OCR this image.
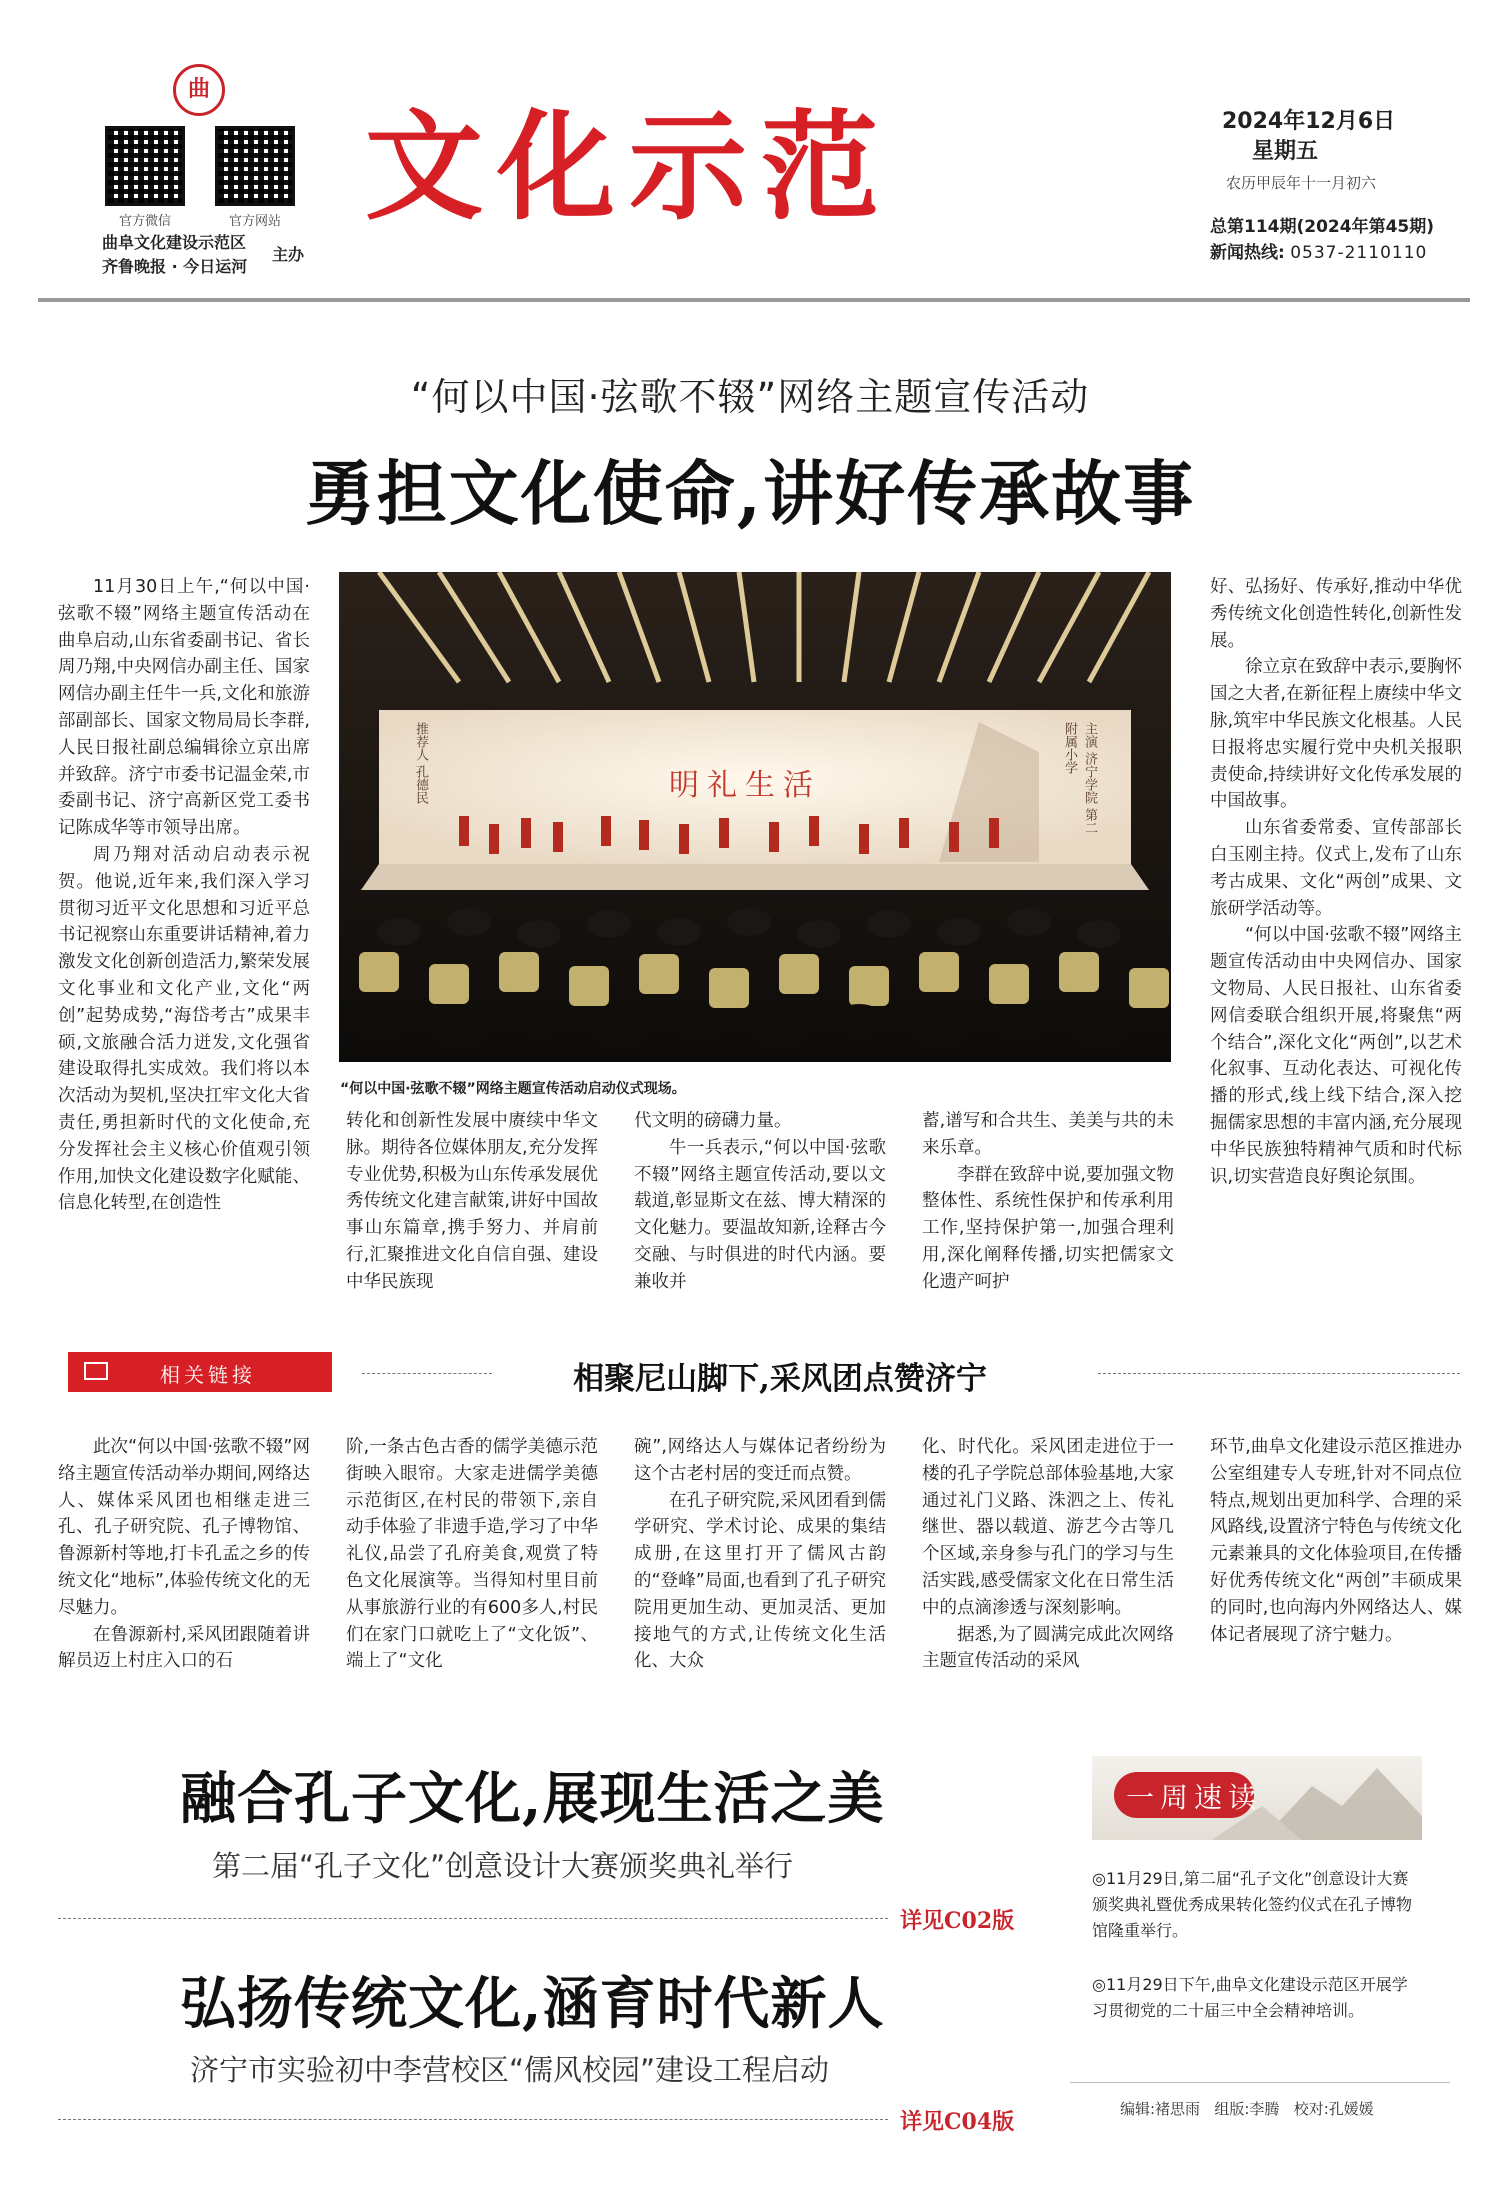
曲
官方微信	官方网站
曲阜文化建设示范区
齐鲁晚报 · 今日运河
主办
文化示范	2024年12月6日
星期五
农历甲辰年十一月初六
总第114期(2024年第45期)
新闻热线: 0537-2110110
“何以中国·弦歌不辍”网络主题宣传活动
勇担文化使命,讲好传承故事

11月30日上午,“何以中国·弦歌不辍”网络主题宣传活动在曲阜启动,山东省委副书记、省长周乃翔,中央网信办副主任、国家网信办副主任牛一兵,文化和旅游部副部长、国家文物局局长李群,人民日报社副总编辑徐立京出席并致辞。济宁市委书记温金荣,市委副书记、济宁高新区党工委书记陈成华等市领导出席。

周乃翔对活动启动表示祝贺。他说,近年来,我们深入学习贯彻习近平文化思想和习近平总书记视察山东重要讲话精神,着力激发文化创新创造活力,繁荣发展文化事业和文化产业,文化“两创”起势成势,“海岱考古”成果丰硕,文旅融合活力迸发,文化强省建设取得扎实成效。我们将以本次活动为契机,坚决扛牢文化大省责任,勇担新时代的文化使命,充分发挥社会主义核心价值观引领作用,加快文化建设数字化赋能、信息化转型,在创造性

明礼生活
推荐人 孔德民
主演 济宁学院 第二附属小学
“何以中国·弦歌不辍”网络主题宣传活动启动仪式现场。

转化和创新性发展中赓续中华文脉。期待各位媒体朋友,充分发挥专业优势,积极为山东传承发展优秀传统文化建言献策,讲好中国故事山东篇章,携手努力、并肩前行,汇聚推进文化自信自强、建设中华民族现

代文明的磅礴力量。

牛一兵表示,“何以中国·弦歌不辍”网络主题宣传活动,要以文载道,彰显斯文在兹、博大精深的文化魅力。要温故知新,诠释古今交融、与时俱进的时代内涵。要兼收并

蓄,谱写和合共生、美美与共的未来乐章。

李群在致辞中说,要加强文物整体性、系统性保护和传承利用工作,坚持保护第一,加强合理利用,深化阐释传播,切实把儒家文化遗产呵护

好、弘扬好、传承好,推动中华优秀传统文化创造性转化,创新性发展。

徐立京在致辞中表示,要胸怀国之大者,在新征程上赓续中华文脉,筑牢中华民族文化根基。人民日报将忠实履行党中央机关报职责使命,持续讲好文化传承发展的中国故事。

山东省委常委、宣传部部长白玉刚主持。仪式上,发布了山东考古成果、文化“两创”成果、文旅研学活动等。

“何以中国·弦歌不辍”网络主题宣传活动由中央网信办、国家文物局、人民日报社、山东省委网信委联合组织开展,将聚焦“两个结合”,深化文化“两创”,以艺术化叙事、互动化表达、可视化传播的形式,线上线下结合,深入挖掘儒家思想的丰富内涵,充分展现中华民族独特精神气质和时代标识,切实营造良好舆论氛围。

相关链接	相聚尼山脚下,采风团点赞济宁

此次“何以中国·弦歌不辍”网络主题宣传活动举办期间,网络达人、媒体采风团也相继走进三孔、孔子研究院、孔子博物馆、鲁源新村等地,打卡孔孟之乡的传统文化“地标”,体验传统文化的无尽魅力。

在鲁源新村,采风团跟随着讲解员迈上村庄入口的石

阶,一条古色古香的儒学美德示范街映入眼帘。大家走进儒学美德示范街区,在村民的带领下,亲自动手体验了非遗手造,学习了中华礼仪,品尝了孔府美食,观赏了特色文化展演等。当得知村里目前从事旅游行业的有600多人,村民们在家门口就吃上了“文化饭”、端上了“文化

碗”,网络达人与媒体记者纷纷为这个古老村居的变迁而点赞。

在孔子研究院,采风团看到儒学研究、学术讨论、成果的集结成册,在这里打开了儒风古韵的“登峰”局面,也看到了孔子研究院用更加生动、更加灵活、更加接地气的方式,让传统文化生活化、大众

化、时代化。采风团走进位于一楼的孔子学院总部体验基地,大家通过礼门义路、洙泗之上、传礼继世、器以载道、游艺今古等几个区域,亲身参与孔门的学习与生活实践,感受儒家文化在日常生活中的点滴渗透与深刻影响。

据悉,为了圆满完成此次网络主题宣传活动的采风

环节,曲阜文化建设示范区推进办公室组建专人专班,针对不同点位特点,规划出更加科学、合理的采风路线,设置济宁特色与传统文化元素兼具的文化体验项目,在传播好优秀传统文化“两创”丰硕成果的同时,也向海内外网络达人、媒体记者展现了济宁魅力。

融合孔子文化,展现生活之美
第二届“孔子文化”创意设计大赛颁奖典礼举行
详见C02版
弘扬传统文化,涵育时代新人
济宁市实验初中李营校区“儒风校园”建设工程启动
详见C04版
一周速读
◎11月29日,第二届“孔子文化”创意设计大赛颁奖典礼暨优秀成果转化签约仪式在孔子博物馆隆重举行。
◎11月29日下午,曲阜文化建设示范区开展学习贯彻党的二十届三中全会精神培训。
编辑:褚思雨   组版:李腾   校对:孔媛媛
